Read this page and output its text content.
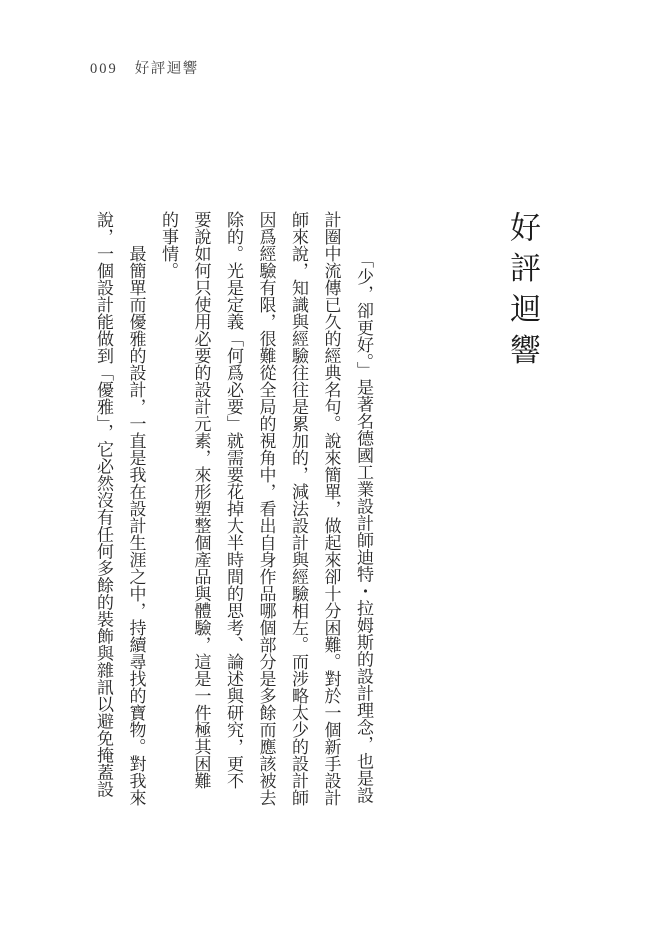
009 好評迴響
好評迴響

「少，卻更好。」是著名德國工業設計師迪特・拉姆斯的設計理念，也是設

計圈中流傳已久的經典名句。說來簡單，做起來卻十分困難。對於一個新手設計

師來說，知識與經驗往往是累加的，減法設計與經驗相左。而涉略太少的設計師

因爲經驗有限，很難從全局的視角中，看出自身作品哪個部分是多餘而應該被去

除的。光是定義「何爲必要」就需要花掉大半時間的思考、論述與研究，更不

要說如何只使用必要的設計元素，來形塑整個產品與體驗，這是一件極其困難

的事情。

最簡單而優雅的設計，一直是我在設計生涯之中，持續尋找的寶物。對我來

說，一個設計能做到「優雅」，它必然沒有任何多餘的裝飾與雜訊以避免掩蓋設
